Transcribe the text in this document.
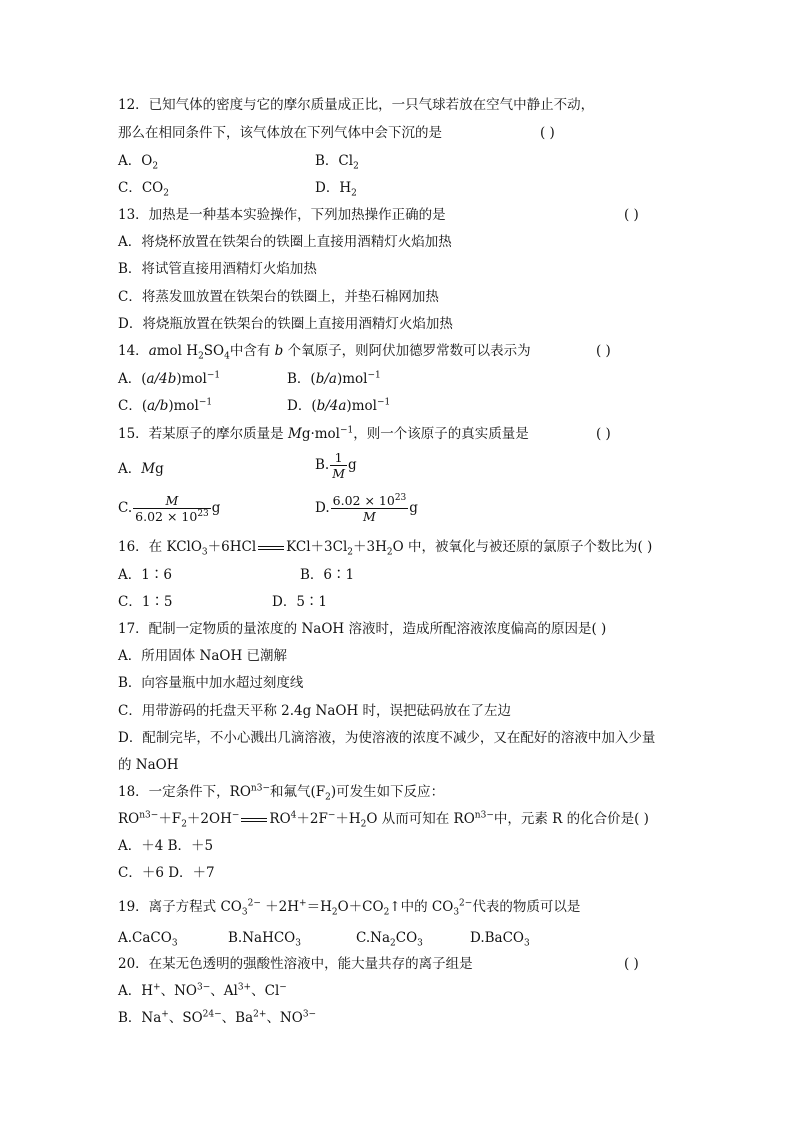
12．已知气体的密度与它的摩尔质量成正比，一只气球若放在空气中静止不动，
那么在相同条件下，该气体放在下列气体中会下沉的是	( )
A．$O_2$	B．$Cl_2$
C．$CO_2$	D．$H_2$
13．加热是一种基本实验操作，下列加热操作正确的是	( )
A．将烧杯放置在铁架台的铁圈上直接用酒精灯火焰加热
B．将试管直接用酒精灯火焰加热
C．将蒸发皿放置在铁架台的铁圈上，并垫石棉网加热
D．将烧瓶放置在铁架台的铁圈上直接用酒精灯火焰加热
14．amol $H_2SO_4$中含有 b 个氧原子，则阿伏加德罗常数可以表示为	( )
A．(a/4b)mol$^{-1}$	B．(b/a)mol$^{-1}$
C．(a/b)mol$^{-1}$	D．(b/4a)mol$^{-1}$
15．若某原子的摩尔质量是 Mg·mol$^{-1}$，则一个该原子的真实质量是	( )
A．Mg	B. $\frac{1}{M}$ g
C. $\frac{M}{6.02 \times 10^{23}}$ g	D. $\frac{6.02 \times 10^{23}}{M}$ g
16．在 KClO$_3$＋6HCl $KCl+3Cl_2+3H_2O$ 中，被氧化与被还原的氯原子个数比为( )
A．1∶6	B．6∶1
C．1∶5	D．5∶1
17．配制一定物质的量浓度的 NaOH 溶液时，造成所配溶液浓度偏高的原因是( )
A．所用固体 NaOH 已潮解
B．向容量瓶中加水超过刻度线
C．用带游码的托盘天平称 2.4g NaOH 时，误把砝码放在了左边
D．配制完毕，不小心溅出几滴溶液，为使溶液的浓度不减少，又在配好的溶液中加入少量
的 NaOH
18．一定条件下，$RO^{n3-}$和氟气$(F_2)$可发生如下反应：
$RO^{n3-}+F_2+2OH^-$ $RO^4+2F^-+H_2O$ 从而可知在 $RO^{n3-}$中，元素 R 的化合价是( )
A．＋4 B．＋5
C．＋6 D．＋7
19．离子方程式 $CO_3^{2-}$ $+2H^+=H_2O+CO_2↑$中的 $CO_3^{2-}$代表的物质可以是
A.CaCO$_3$	B.NaHCO$_3$	$C.Na_2CO_3$	D.BaCO$_3$
20．在某无色透明的强酸性溶液中，能大量共存的离子组是	( )
A．H+、$NO^{3-}$、$Al^{3+}$、Cl−
B．Na+、$SO^{24-}$、$Ba^{2+}$、$NO^{3-}$
